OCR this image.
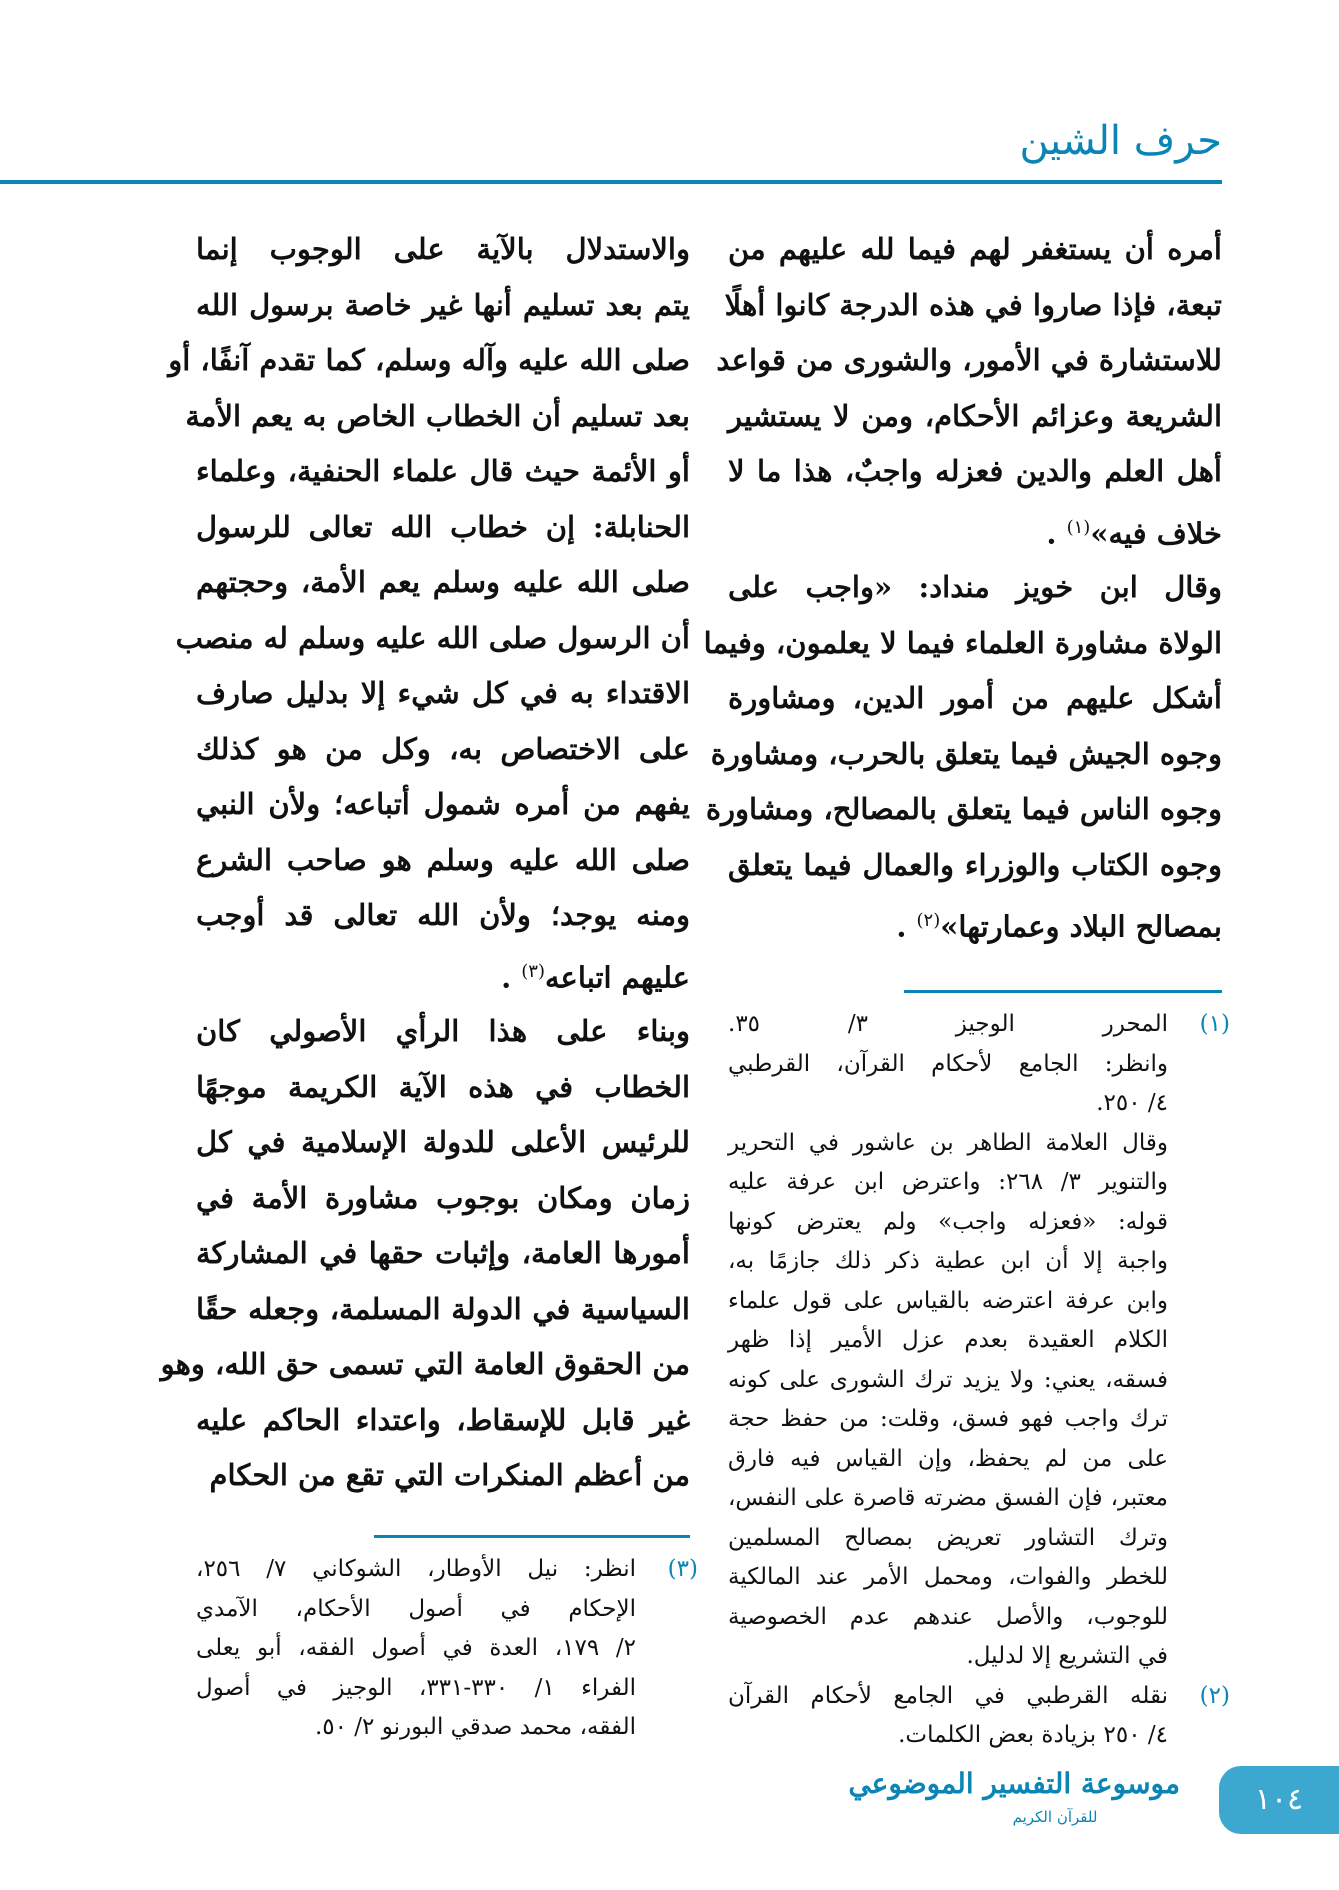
حرف الشين
أمره أن يستغفر لهم فيما لله عليهم من
تبعة، فإذا صاروا في هذه الدرجة كانوا أهلًا
للاستشارة في الأمور، والشورى من قواعد
الشريعة وعزائم الأحكام، ومن لا يستشير
أهل العلم والدين فعزله واجبٌ، هذا ما لا
خلاف فيه»$^{(١)}$ .
وقال ابن خويز منداد: «واجب على
الولاة مشاورة العلماء فيما لا يعلمون، وفيما
أشكل عليهم من أمور الدين، ومشاورة
وجوه الجيش فيما يتعلق بالحرب، ومشاورة
وجوه الناس فيما يتعلق بالمصالح، ومشاورة
وجوه الكتاب والوزراء والعمال فيما يتعلق
بمصالح البلاد وعمارتها»$^{(٢)}$ .
والاستدلال بالآية على الوجوب إنما
يتم بعد تسليم أنها غير خاصة برسول الله
صلى الله عليه وآله وسلم، كما تقدم آنفًا، أو
بعد تسليم أن الخطاب الخاص به يعم الأمة
أو الأئمة حيث قال علماء الحنفية، وعلماء
الحنابلة: إن خطاب الله تعالى للرسول
صلى الله عليه وسلم يعم الأمة، وحجتهم
أن الرسول صلى الله عليه وسلم له منصب
الاقتداء به في كل شيء إلا بدليل صارف
على الاختصاص به، وكل من هو كذلك
يفهم من أمره شمول أتباعه؛ ولأن النبي
صلى الله عليه وسلم هو صاحب الشرع
ومنه يوجد؛ ولأن الله تعالى قد أوجب
عليهم اتباعه$^{(٣)}$ .
وبناء على هذا الرأي الأصولي كان
الخطاب في هذه الآية الكريمة موجهًا
للرئيس الأعلى للدولة الإسلامية في كل
زمان ومكان بوجوب مشاورة الأمة في
أمورها العامة، وإثبات حقها في المشاركة
السياسية في الدولة المسلمة، وجعله حقًا
من الحقوق العامة التي تسمى حق الله، وهو
غير قابل للإسقاط، واعتداء الحاكم عليه
من أعظم المنكرات التي تقع من الحكام
(١)
المحرر الوجيز ٣/ ٣٥.
وانظر: الجامع لأحكام القرآن، القرطبي
٤/ ٢٥٠.
وقال العلامة الطاهر بن عاشور في التحرير
والتنوير ٣/ ٢٦٨: واعترض ابن عرفة عليه
قوله: «فعزله واجب» ولم يعترض كونها
واجبة إلا أن ابن عطية ذكر ذلك جازمًا به،
وابن عرفة اعترضه بالقياس على قول علماء
الكلام العقيدة بعدم عزل الأمير إذا ظهر
فسقه، يعني: ولا يزيد ترك الشورى على كونه
ترك واجب فهو فسق، وقلت: من حفظ حجة
على من لم يحفظ، وإن القياس فيه فارق
معتبر، فإن الفسق مضرته قاصرة على النفس،
وترك التشاور تعريض بمصالح المسلمين
للخطر والفوات، ومحمل الأمر عند المالكية
للوجوب، والأصل عندهم عدم الخصوصية
في التشريع إلا لدليل.
(٢)
نقله القرطبي في الجامع لأحكام القرآن
٤/ ٢٥٠ بزيادة بعض الكلمات.
(٣)
انظر: نيل الأوطار، الشوكاني ٧/ ٢٥٦،
الإحكام في أصول الأحكام، الآمدي
٢/ ١٧٩، العدة في أصول الفقه، أبو يعلى
الفراء ١/ ٣٣٠-٣٣١، الوجيز في أصول
الفقه، محمد صدقي البورنو ٢/ ٥٠.
موسوعة التفسير الموضوعي
للقرآن الكريم	١٠٤
